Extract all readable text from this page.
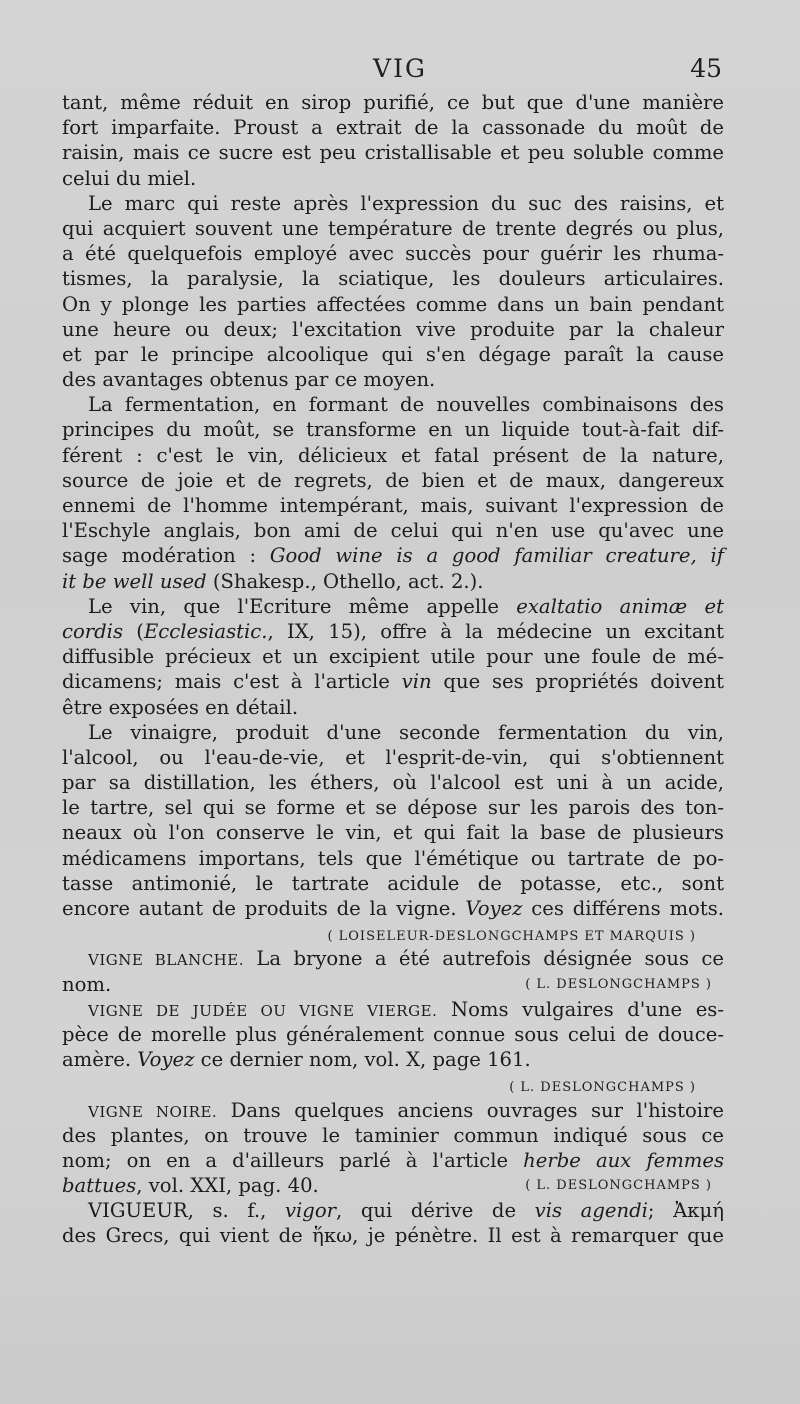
VIG	45
tant, même réduit en sirop purifié, ce but que d'une manière
fort imparfaite. Proust a extrait de la cassonade du moût de
raisin, mais ce sucre est peu cristallisable et peu soluble comme
celui du miel.
Le marc qui reste après l'expression du suc des raisins, et
qui acquiert souvent une température de trente degrés ou plus,
a été quelquefois employé avec succès pour guérir les rhuma-
tismes, la paralysie, la sciatique, les douleurs articulaires.
On y plonge les parties affectées comme dans un bain pendant
une heure ou deux; l'excitation vive produite par la chaleur
et par le principe alcoolique qui s'en dégage paraît la cause
des avantages obtenus par ce moyen.
La fermentation, en formant de nouvelles combinaisons des
principes du moût, se transforme en un liquide tout-à-fait dif-
férent : c'est le vin, délicieux et fatal présent de la nature,
source de joie et de regrets, de bien et de maux, dangereux
ennemi de l'homme intempérant, mais, suivant l'expression de
l'Eschyle anglais, bon ami de celui qui n'en use qu'avec une
sage modération : Good wine is a good familiar creature, if
it be well used (Shakesp., Othello, act. 2.).
Le vin, que l'Ecriture même appelle exaltatio animæ et
cordis (Ecclesiastic., IX, 15), offre à la médecine un excitant
diffusible précieux et un excipient utile pour une foule de mé-
dicamens; mais c'est à l'article vin que ses propriétés doivent
être exposées en détail.
Le vinaigre, produit d'une seconde fermentation du vin,
l'alcool, ou l'eau-de-vie, et l'esprit-de-vin, qui s'obtiennent
par sa distillation, les éthers, où l'alcool est uni à un acide,
le tartre, sel qui se forme et se dépose sur les parois des ton-
neaux où l'on conserve le vin, et qui fait la base de plusieurs
médicamens importans, tels que l'émétique ou tartrate de po-
tasse antimonié, le tartrate acidule de potasse, etc., sont
encore autant de produits de la vigne. Voyez ces différens mots.
( LOISELEUR-DESLONGCHAMPS ET MARQUIS )
VIGNE BLANCHE. La bryone a été autrefois désignée sous ce
nom.	( L. DESLONGCHAMPS )
VIGNE DE JUDÉE OU VIGNE VIERGE. Noms vulgaires d'une es-
pèce de morelle plus généralement connue sous celui de douce-
amère. Voyez ce dernier nom, vol. X, page 161.
( L. DESLONGCHAMPS )
VIGNE NOIRE. Dans quelques anciens ouvrages sur l'histoire
des plantes, on trouve le taminier commun indiqué sous ce
nom; on en a d'ailleurs parlé à l'article herbe aux femmes
battues, vol. XXI, pag. 40.	( L. DESLONGCHAMPS )
VIGUEUR, s. f., vigor, qui dérive de vis agendi; Ἀκμή
des Grecs, qui vient de ἥκω, je pénètre. Il est à remarquer que
